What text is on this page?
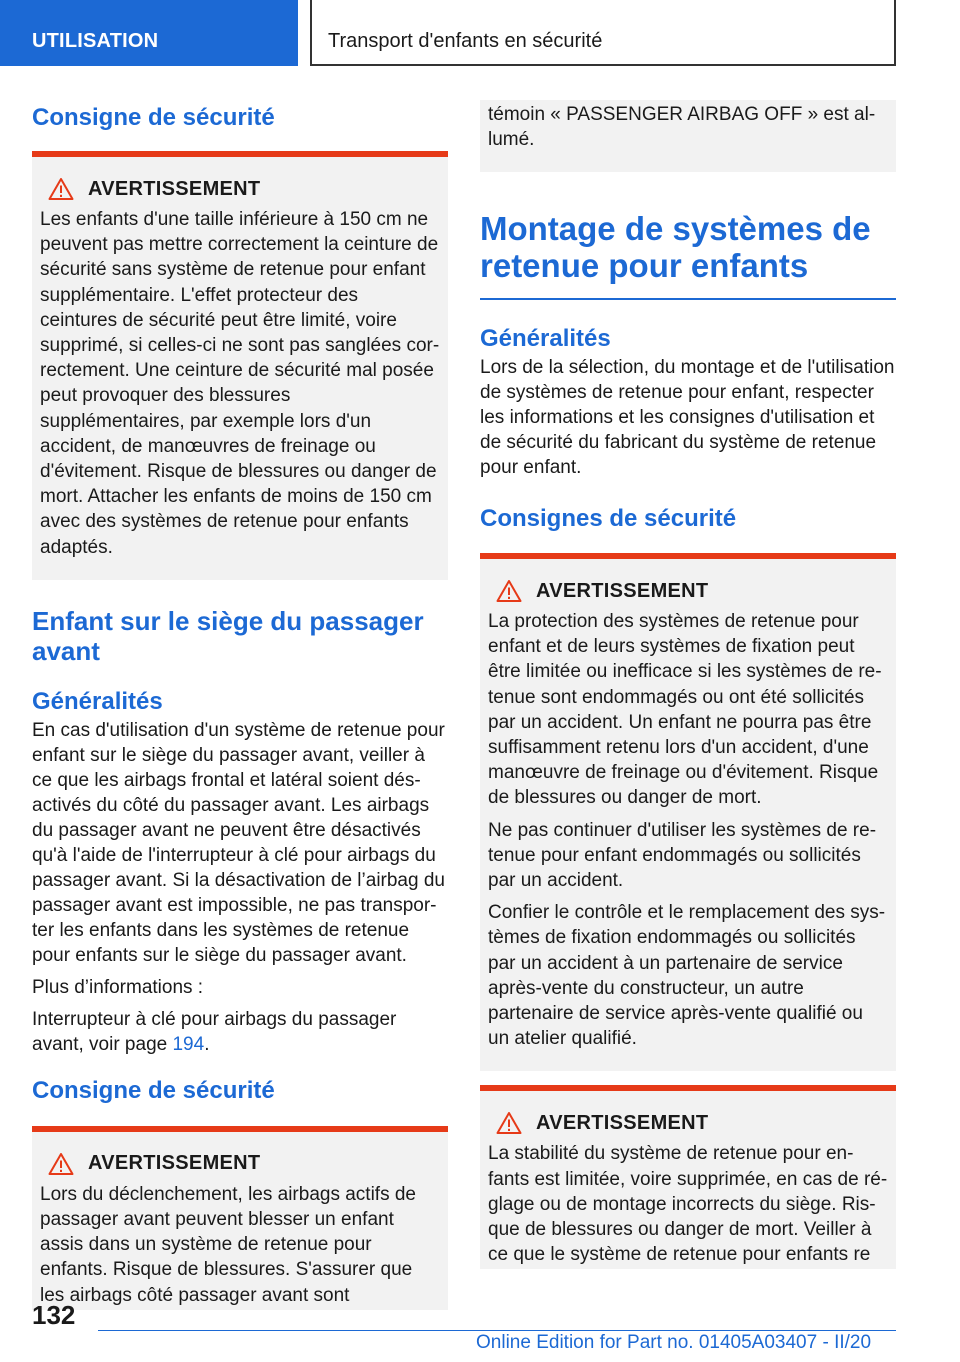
UTILISATION	Transport d'enfants en sécurité
Consigne de sécurité
AVERTISSEMENT

Les enfants d'une taille inférieure à 150 cm ne peuvent pas mettre correctement la ceinture de sécurité sans système de retenue pour enfant supplémentaire. L'effet protecteur des ceintures de sécurité peut être limité, voire supprimé, si celles-ci ne sont pas sanglées correctement. Une ceinture de sécurité mal posée peut provoquer des blessures supplémentaires, par exemple lors d'un accident, de manœuvres de freinage ou d'évitement. Risque de blessures ou danger de mort. Attacher les enfants de moins de 150 cm avec des systèmes de retenue pour enfants adaptés.

Enfant sur le siège du passager avant
Généralités

En cas d'utilisation d'un système de retenue pour enfant sur le siège du passager avant, veiller à ce que les airbags frontal et latéral soient désactivés du côté du passager avant. Les airbags du passager avant ne peuvent être désactivés qu'à l'aide de l'interrupteur à clé pour airbags du passager avant. Si la désactivation de l’airbag du passager avant est impossible, ne pas transporter les enfants dans les systèmes de retenue pour enfants sur le siège du passager avant.

Plus d’informations :

Interrupteur à clé pour airbags du passager avant, voir page 194.

Consigne de sécurité
AVERTISSEMENT

Lors du déclenchement, les airbags actifs de passager avant peuvent blesser un enfant assis dans un système de retenue pour enfants. Risque de blessures. S'assurer que les airbags côté passager avant sont

témoin « PASSENGER AIRBAG OFF » est allumé.

Montage de systèmes de retenue pour enfants
Généralités

Lors de la sélection, du montage et de l'utilisation de systèmes de retenue pour enfant, respecter les informations et les consignes d'utilisation et de sécurité du fabricant du système de retenue pour enfant.

Consignes de sécurité
AVERTISSEMENT

La protection des systèmes de retenue pour enfant et de leurs systèmes de fixation peut être limitée ou inefficace si les systèmes de retenue sont endommagés ou ont été sollicités par un accident. Un enfant ne pourra pas être suffisamment retenu lors d'un accident, d'une manœuvre de freinage ou d'évitement. Risque de blessures ou danger de mort.

Ne pas continuer d'utiliser les systèmes de retenue pour enfant endommagés ou sollicités par un accident.

Confier le contrôle et le remplacement des systèmes de fixation endommagés ou sollicités par un accident à un partenaire de service après-vente du constructeur, un autre partenaire de service après-vente qualifié ou un atelier qualifié.

AVERTISSEMENT

La stabilité du système de retenue pour enfants est limitée, voire supprimée, en cas de réglage ou de montage incorrects du siège. Risque de blessures ou danger de mort. Veiller à ce que le système de retenue pour enfants re

132
Online Edition for Part no. 01405A03407 - II/20
